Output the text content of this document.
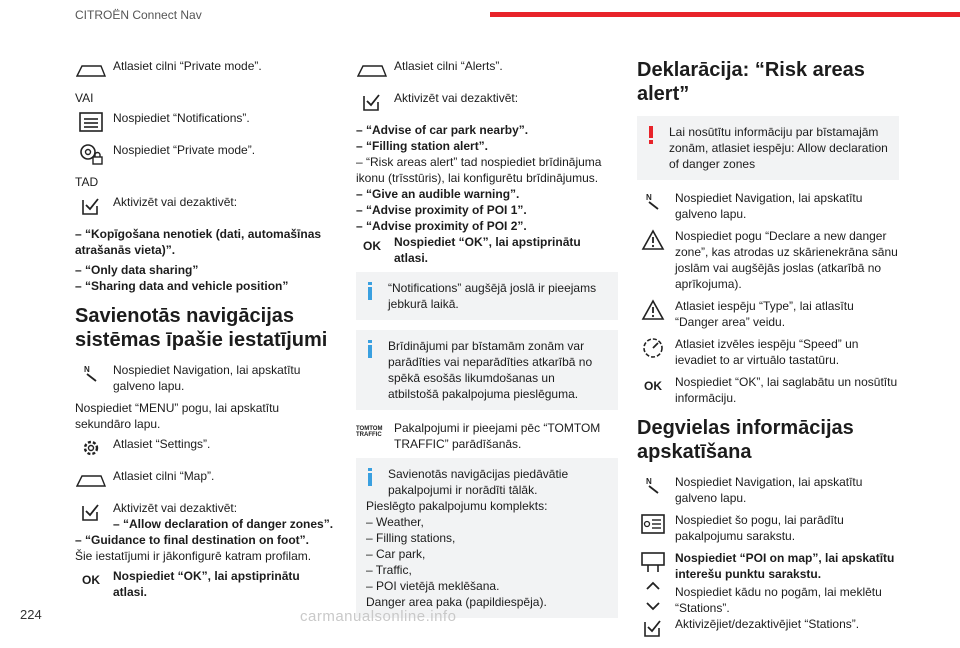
CITROËN Connect Nav
Atlasiet cilni “Private mode”.
VAI
Nospiediet “Notifications”.
Nospiediet “Private mode”.
TAD
Aktivizēt vai dezaktivēt:
– “Kopīgošana nenotiek (dati, automašīnas atrašanās vieta)”.
– “Only data sharing”
– “Sharing data and vehicle position”
Savienotās navigācijas sistēmas īpašie iestatījumi
N Nospiediet Navigation, lai apskatītu galveno lapu.
Nospiediet “MENU” pogu, lai apskatītu sekundāro lapu.
Atlasiet “Settings”.
Atlasiet cilni “Map”.
Aktivizēt vai dezaktivēt:
– “Allow declaration of danger zones”.
– “Guidance to final destination on foot”.
Šie iestatījumi ir jākonfigurē katram profilam.
OK	Nospiediet “OK”, lai apstiprinātu atlasi.
Atlasiet cilni “Alerts”.
Aktivizēt vai dezaktivēt:
– “Advise of car park nearby”.
– “Filling station alert”.
– “Risk areas alert” tad nospiediet brīdinājuma ikonu (trīsstūris), lai konfigurētu brīdinājumus.
– “Give an audible warning”.
– “Advise proximity of POI 1”.
– “Advise proximity of POI 2”.
OK	Nospiediet “OK”, lai apstiprinātu atlasi.
“Notifications” augšējā joslā ir pieejams jebkurā laikā.
Brīdinājumi par bīstamām zonām var parādīties vai neparādīties atkarībā no spēkā esošās likumdošanas un atbilstošā pakalpojuma pieslēguma.
TOMTOM TRAFFIC	Pakalpojumi ir pieejami pēc “TOMTOM TRAFFIC” parādīšanās.
Savienotās navigācijas piedāvātie pakalpojumi ir norādīti tālāk.
Pieslēgto pakalpojumu komplekts:
– Weather,
– Filling stations,
– Car park,
– Traffic,
– POI vietējā meklēšana.
Danger area paka (papildiespēja).
Deklarācija: “Risk areas alert”
Lai nosūtītu informāciju par bīstamajām zonām, atlasiet iespēju: Allow declaration of danger zones
N Nospiediet Navigation, lai apskatītu galveno lapu.
Nospiediet pogu “Declare a new danger zone”, kas atrodas uz skārienekrāna sānu joslām vai augšējās joslas (atkarībā no aprīkojuma).
Atlasiet iespēju “Type”, lai atlasītu “Danger area” veidu.
Atlasiet izvēles iespēju “Speed” un ievadiet to ar virtuālo tastatūru.
OK	Nospiediet “OK”, lai saglabātu un nosūtītu informāciju.
Degvielas informācijas apskatīšana
N Nospiediet Navigation, lai apskatītu galveno lapu.
Nospiediet šo pogu, lai parādītu pakalpojumu sarakstu.
Nospiediet “POI on map”, lai apskatītu interešu punktu sarakstu.
Nospiediet kādu no pogām, lai meklētu “Stations”.
Aktivizējiet/dezaktivējiet “Stations”.
224	carmanualsonline.info
